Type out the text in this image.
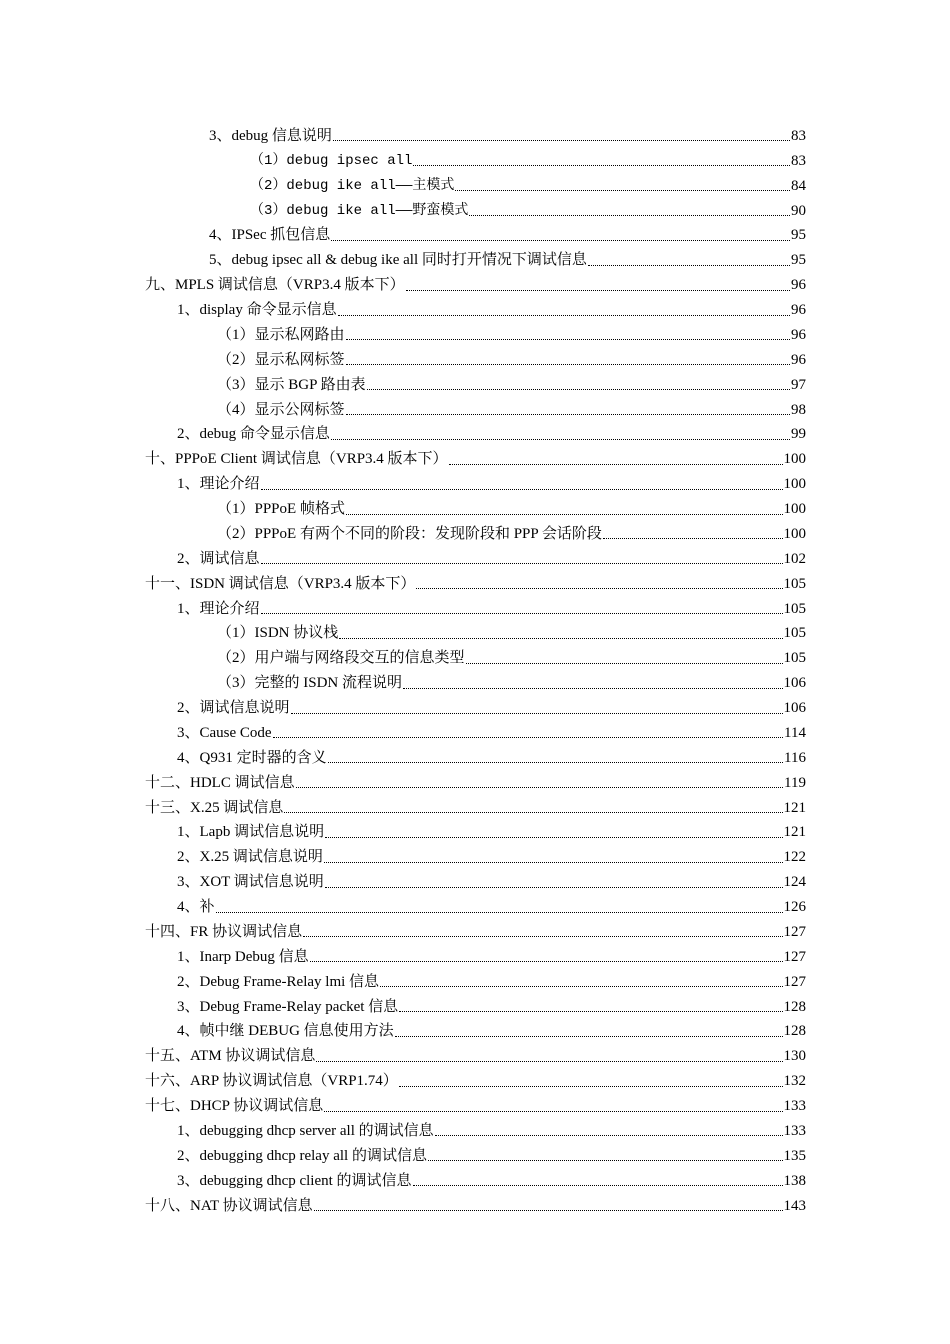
3、debug 信息说明	83
（1）debug ipsec all	83
（2）debug ike all——主模式	84
（3）debug ike all——野蛮模式	90
4、IPSec 抓包信息	95
5、debug ipsec all & debug ike all 同时打开情况下调试信息	95
九、MPLS 调试信息（VRP3.4 版本下）	96
1、display 命令显示信息	96
（1）显示私网路由	96
（2）显示私网标签	96
（3）显示 BGP 路由表	97
（4）显示公网标签	98
2、debug 命令显示信息	99
十、PPPoE Client 调试信息（VRP3.4 版本下）	100
1、理论介绍	100
（1）PPPoE 帧格式	100
（2）PPPoE 有两个不同的阶段：发现阶段和 PPP 会话阶段	100
2、调试信息	102
十一、ISDN 调试信息（VRP3.4 版本下）	105
1、理论介绍	105
（1）ISDN 协议栈	105
（2）用户端与网络段交互的信息类型	105
（3）完整的 ISDN 流程说明	106
2、调试信息说明	106
3、Cause Code	114
4、Q931 定时器的含义	116
十二、HDLC 调试信息	119
十三、X.25 调试信息	121
1、Lapb 调试信息说明	121
2、X.25 调试信息说明	122
3、XOT 调试信息说明	124
4、补	126
十四、FR 协议调试信息	127
1、Inarp Debug 信息	127
2、Debug Frame-Relay lmi 信息	127
3、Debug Frame-Relay packet 信息	128
4、帧中继 DEBUG 信息使用方法	128
十五、ATM 协议调试信息	130
十六、ARP 协议调试信息（VRP1.74）	132
十七、DHCP 协议调试信息	133
1、debugging dhcp server all 的调试信息	133
2、debugging dhcp relay all 的调试信息	135
3、debugging dhcp client 的调试信息	138
十八、NAT 协议调试信息	143
